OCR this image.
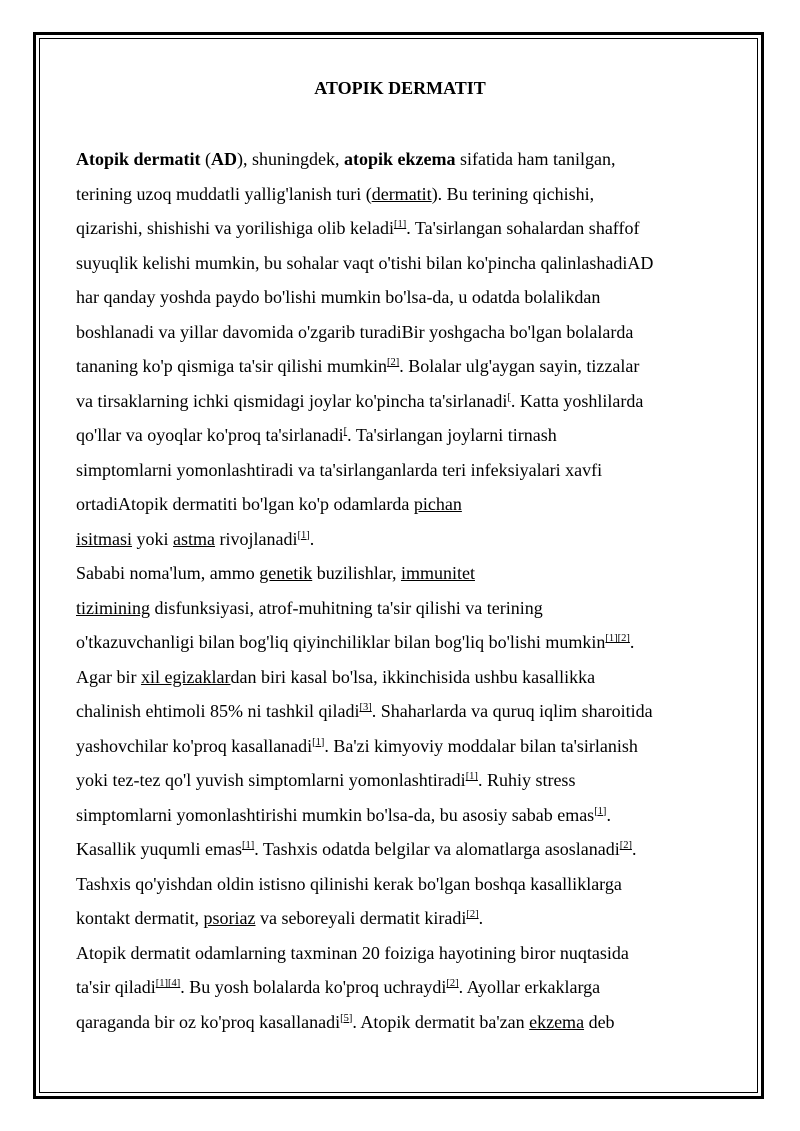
ATOPIK DERMATIT
Atopik dermatit (AD), shuningdek, atopik ekzema sifatida ham tanilgan,
terining uzoq muddatli yallig'lanish turi (dermatit). Bu terining qichishi,
qizarishi, shishishi va yorilishiga olib keladi[1]. Ta'sirlangan sohalardan shaffof
suyuqlik kelishi mumkin, bu sohalar vaqt o'tishi bilan ko'pincha qalinlashadiAD
har qanday yoshda paydo bo'lishi mumkin bo'lsa-da, u odatda bolalikdan
boshlanadi va yillar davomida o'zgarib turadiBir yoshgacha bo'lgan bolalarda
tananing ko'p qismiga ta'sir qilishi mumkin[2]. Bolalar ulg'aygan sayin, tizzalar
va tirsaklarning ichki qismidagi joylar ko'pincha ta'sirlanadi[. Katta yoshlilarda
qo'llar va oyoqlar ko'proq ta'sirlanadi[. Ta'sirlangan joylarni tirnash
simptomlarni yomonlashtiradi va ta'sirlanganlarda teri infeksiyalari xavfi
ortadiAtopik dermatiti bo'lgan ko'p odamlarda pichan
isitmasi yoki astma rivojlanadi[1].
Sababi noma'lum, ammo genetik buzilishlar, immunitet
tizimining disfunksiyasi, atrof-muhitning ta'sir qilishi va terining
o'tkazuvchanligi bilan bog'liq qiyinchiliklar bilan bog'liq bo'lishi mumkin[1][2].
Agar bir xil egizaklardan biri kasal bo'lsa, ikkinchisida ushbu kasallikka
chalinish ehtimoli 85% ni tashkil qiladi[3]. Shaharlarda va quruq iqlim sharoitida
yashovchilar ko'proq kasallanadi[1]. Ba'zi kimyoviy moddalar bilan ta'sirlanish
yoki tez-tez qo'l yuvish simptomlarni yomonlashtiradi[1]. Ruhiy stress
simptomlarni yomonlashtirishi mumkin bo'lsa-da, bu asosiy sabab emas[1].
Kasallik yuqumli emas[1]. Tashxis odatda belgilar va alomatlarga asoslanadi[2].
Tashxis qo'yishdan oldin istisno qilinishi kerak bo'lgan boshqa kasalliklarga
kontakt dermatit, psoriaz va seboreyali dermatit kiradi[2].
Atopik dermatit odamlarning taxminan 20 foiziga hayotining biror nuqtasida
ta'sir qiladi[1][4]. Bu yosh bolalarda ko'proq uchraydi[2]. Ayollar erkaklarga
qaraganda bir oz ko'proq kasallanadi[5]. Atopik dermatit ba'zan ekzema deb
